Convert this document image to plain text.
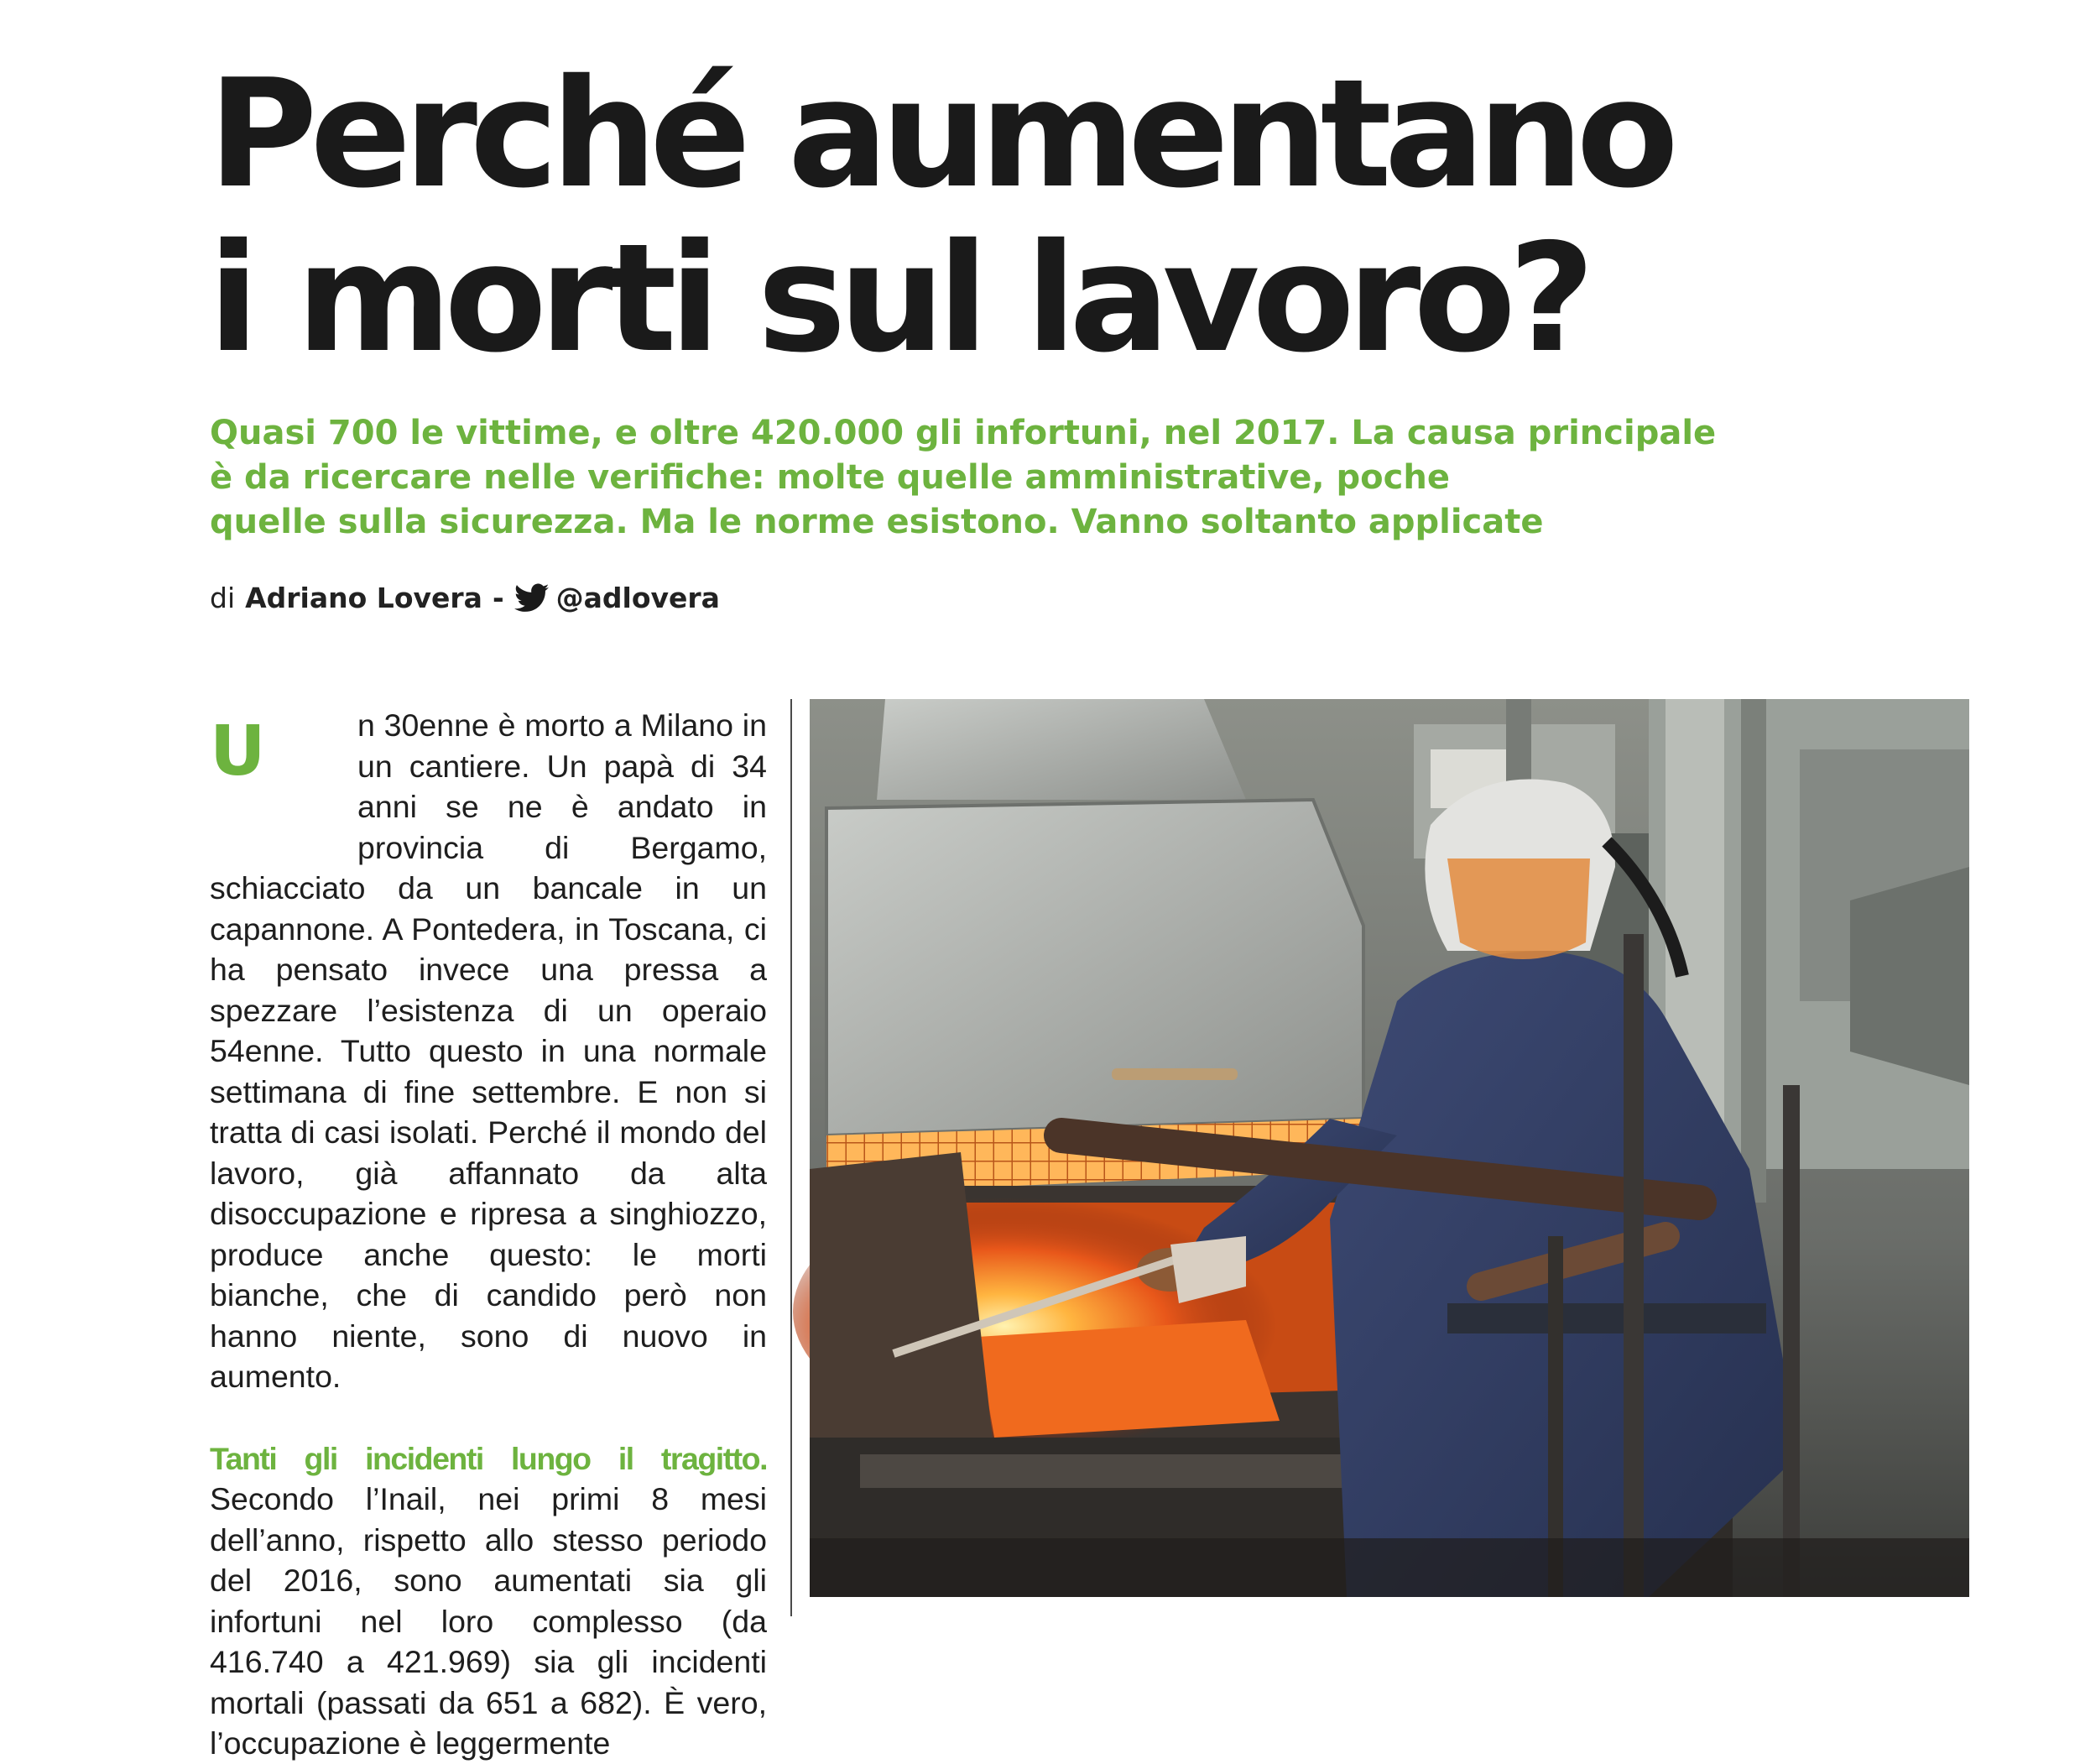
Perché aumentano
i morti sul lavoro?
Quasi 700 le vittime, e oltre 420.000 gli infortuni, nel 2017. La causa principale
è da ricercare nelle verifiche: molte quelle amministrative, poche
quelle sulla sicurezza. Ma le norme esistono. Vanno soltanto applicate
di Adriano Lovera - @adlovera
U	n 30enne è morto a Milano in un cantiere. Un papà di 34 anni se ne è andato in provincia di Bergamo, schiacciato da un bancale in un capannone. A Pontedera, in Toscana, ci ha pensato invece una pressa a spezzare l’esistenza di un operaio 54enne. Tutto questo in una normale settimana di fine settembre. E non si tratta di casi isolati. Perché il mondo del lavoro, già affannato da alta disoccupazione e ripresa a singhiozzo, produce anche questo: le morti bianche, che di candido però non hanno niente, sono di nuovo in aumento.

Tanti gli incidenti lungo il tragitto. Secondo l’Inail, nei primi 8 mesi dell’anno, rispetto allo stesso periodo del 2016, sono aumentati sia gli infortuni nel loro complesso (da 416.740 a 421.969) sia gli incidenti mortali (passati da 651 a 682). È vero, l’occupazione è leggermente
